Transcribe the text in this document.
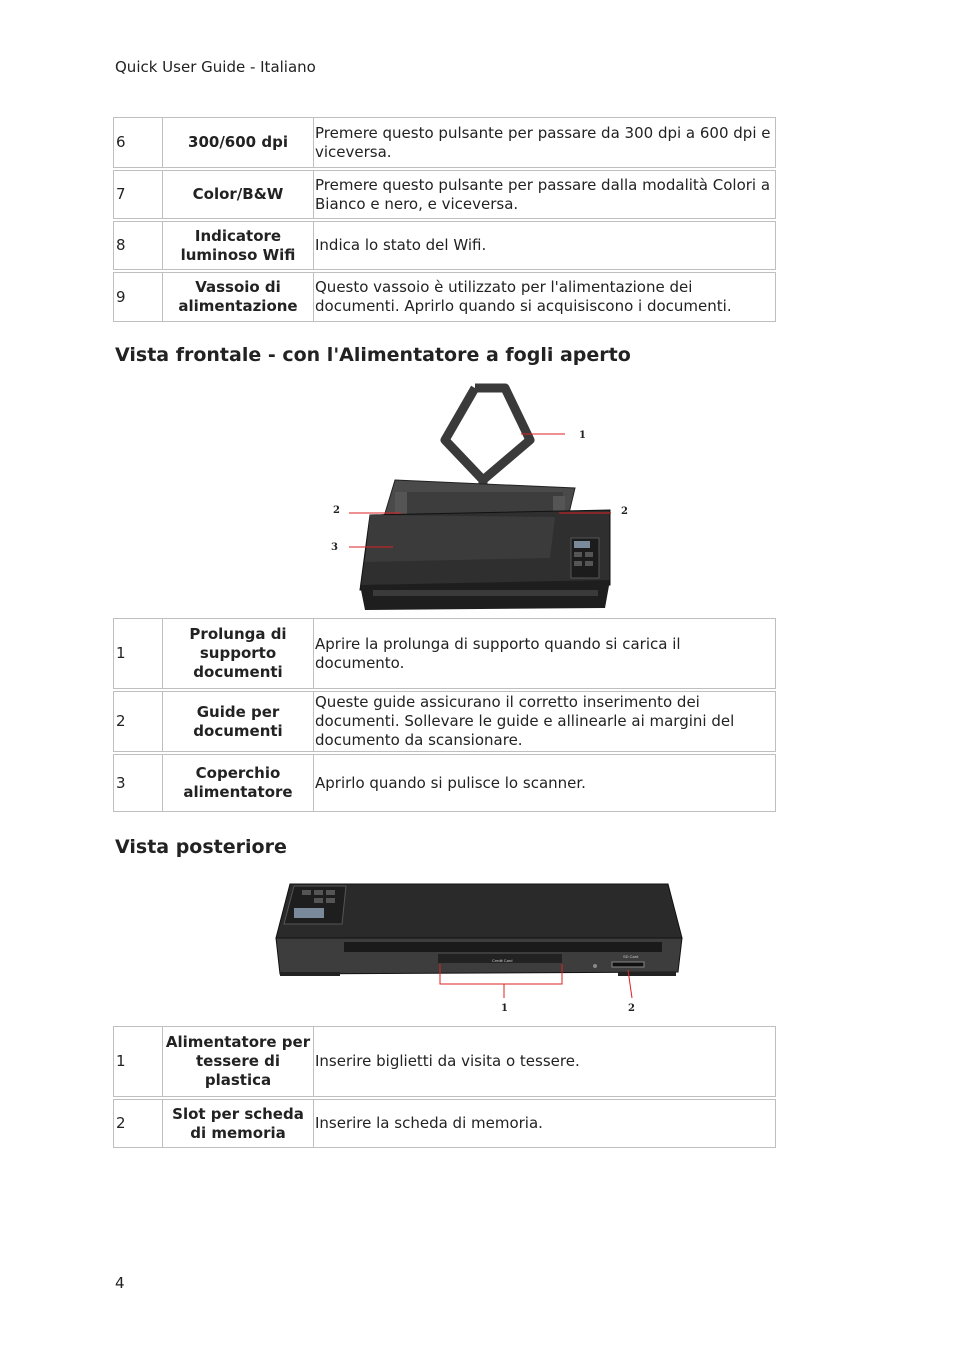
Quick User Guide - Italiano
6	300/600 dpi	Premere questo pulsante per passare da 300 dpi a 600 dpi e viceversa.

7	Color/B&W	Premere questo pulsante per passare dalla modalità Colori a Bianco e nero, e viceversa.

8	Indicatore luminoso Wifi	Indica lo stato del Wifi.

9	Vassoio di alimentazione	Questo vassoio è utilizzato per l'alimentazione dei documenti. Aprirlo quando si acquisiscono i documenti.
Vista frontale - con l'Alimentatore a fogli aperto
1
2	2
3
1	Prolunga di supporto documenti	Aprire la prolunga di supporto quando si carica il documento.

2	Guide per documenti	Queste guide assicurano il corretto inserimento dei documenti. Sollevare le guide e allinearle ai margini del documento da scansionare.

3	Coperchio alimentatore	Aprirlo quando si pulisce lo scanner.
Vista posteriore
Credit Card
SD Card
1	2
1	Alimentatore per tessere di plastica	Inserire biglietti da visita o tessere.

2	Slot per scheda di memoria	Inserire la scheda di memoria.
4
